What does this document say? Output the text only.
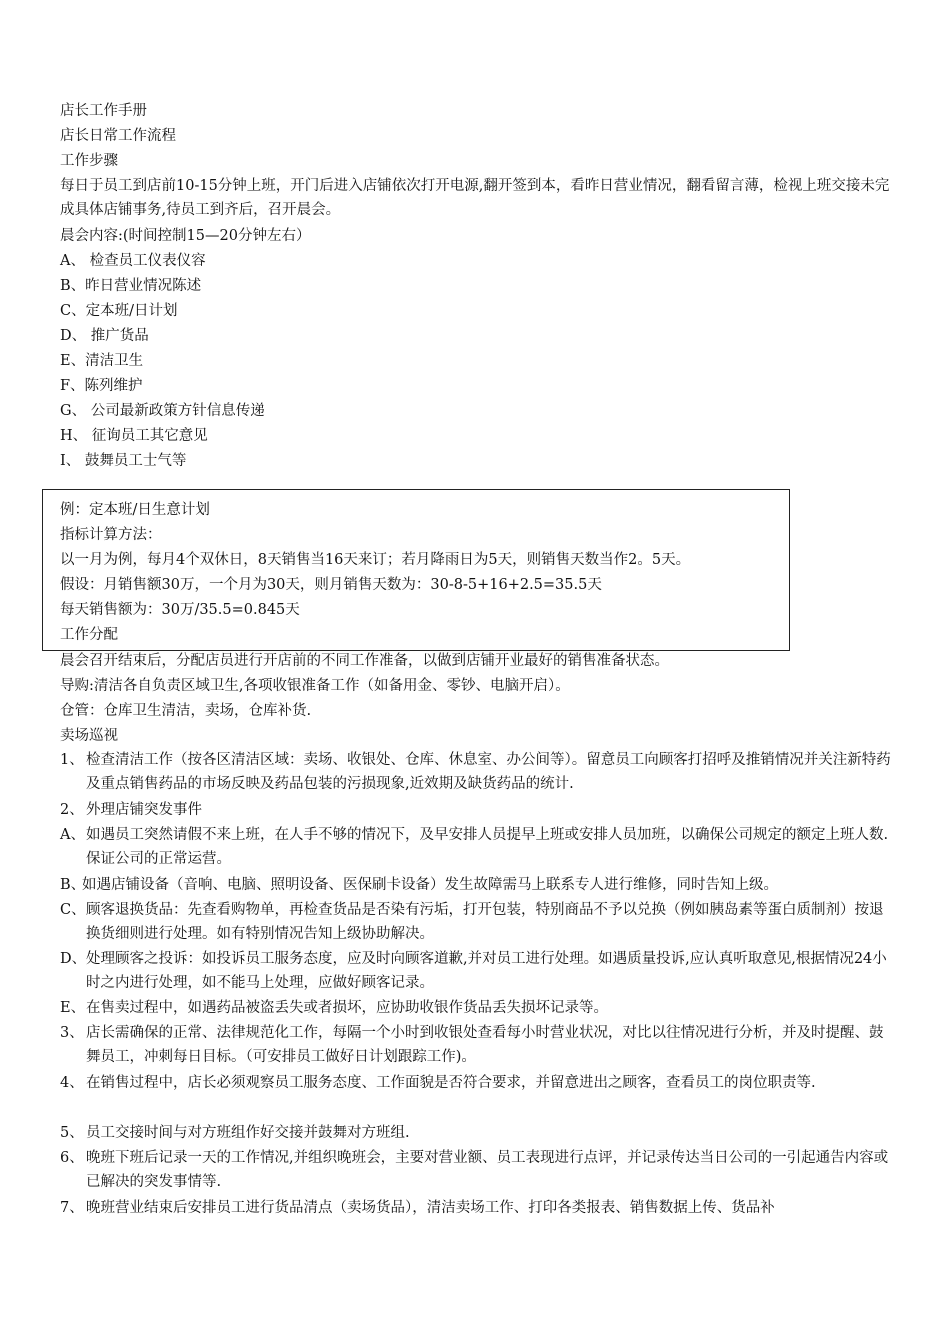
店长工作手册
店长日常工作流程
工作步骤
每日于员工到店前10-15分钟上班，开门后进入店铺依次打开电源,翻开签到本，看昨日营业情况，翻看留言薄，检视上班交接未完成具体店铺事务,待员工到齐后，召开晨会。
晨会内容:(时间控制15—20分钟左右）
A、 检查员工仪表仪容
B、昨日营业情况陈述
C、定本班/日计划
D、 推广货品
E、清洁卫生
F、陈列维护
G、 公司最新政策方针信息传递
H、 征询员工其它意见
I、 鼓舞员工士气等
例：定本班/日生意计划
指标计算方法：
以一月为例，每月4个双休日，8天销售当16天来订；若月降雨日为5天，则销售天数当作2。5天。
假设：月销售额30万，一个月为30天，则月销售天数为：30-8-5+16+2.5=35.5天
每天销售额为：30万/35.5=0.845天
工作分配
晨会召开结束后，分配店员进行开店前的不同工作准备，以做到店铺开业最好的销售准备状态。
导购:清洁各自负责区域卫生,各项收银准备工作（如备用金、零钞、电脑开启）。
仓管：仓库卫生清洁，卖场，仓库补货.
卖场巡视
1、 检查清洁工作（按各区清洁区域：卖场、收银处、仓库、休息室、办公间等）。留意员工向顾客打招呼及推销情况并关注新特药及重点销售药品的市场反映及药品包装的污损现象,近效期及缺货药品的统计.
2、 外理店铺突发事件
A、 如遇员工突然请假不来上班，在人手不够的情况下，及早安排人员提早上班或安排人员加班，以确保公司规定的额定上班人数.保证公司的正常运营。
B、
如遇店铺设备（音响、电脑、照明设备、医保刷卡设备）发生故障需马上联系专人进行维修，同时告知上级。
C、 顾客退换货品：先查看购物单，再检查货品是否染有污垢，打开包装，特别商品不予以兑换（例如胰岛素等蛋白质制剂）按退换货细则进行处理。如有特别情况告知上级协助解决。
D、 处理顾客之投诉：如投诉员工服务态度，应及时向顾客道歉,并对员工进行处理。如遇质量投诉,应认真听取意见,根据情况24小时之内进行处理，如不能马上处理，应做好顾客记录。
E、 在售卖过程中，如遇药品被盗丢失或者损坏，应协助收银作货品丢失损坏记录等。
3、 店长需确保的正常、法律规范化工作，每隔一个小时到收银处查看每小时营业状况，对比以往情况进行分析，并及时提醒、鼓舞员工，冲刺每日目标。（可安排员工做好日计划跟踪工作)。
4、 在销售过程中，店长必须观察员工服务态度、工作面貌是否符合要求，并留意进出之顾客，查看员工的岗位职责等.
5、 员工交接时间与对方班组作好交接并鼓舞对方班组.
6、 晚班下班后记录一天的工作情况,并组织晚班会，主要对营业额、员工表现进行点评，并记录传达当日公司的一引起通告内容或已解决的突发事情等.
7、 晚班营业结束后安排员工进行货品清点（卖场货品），清洁卖场工作、打印各类报表、销售数据上传、货品补
